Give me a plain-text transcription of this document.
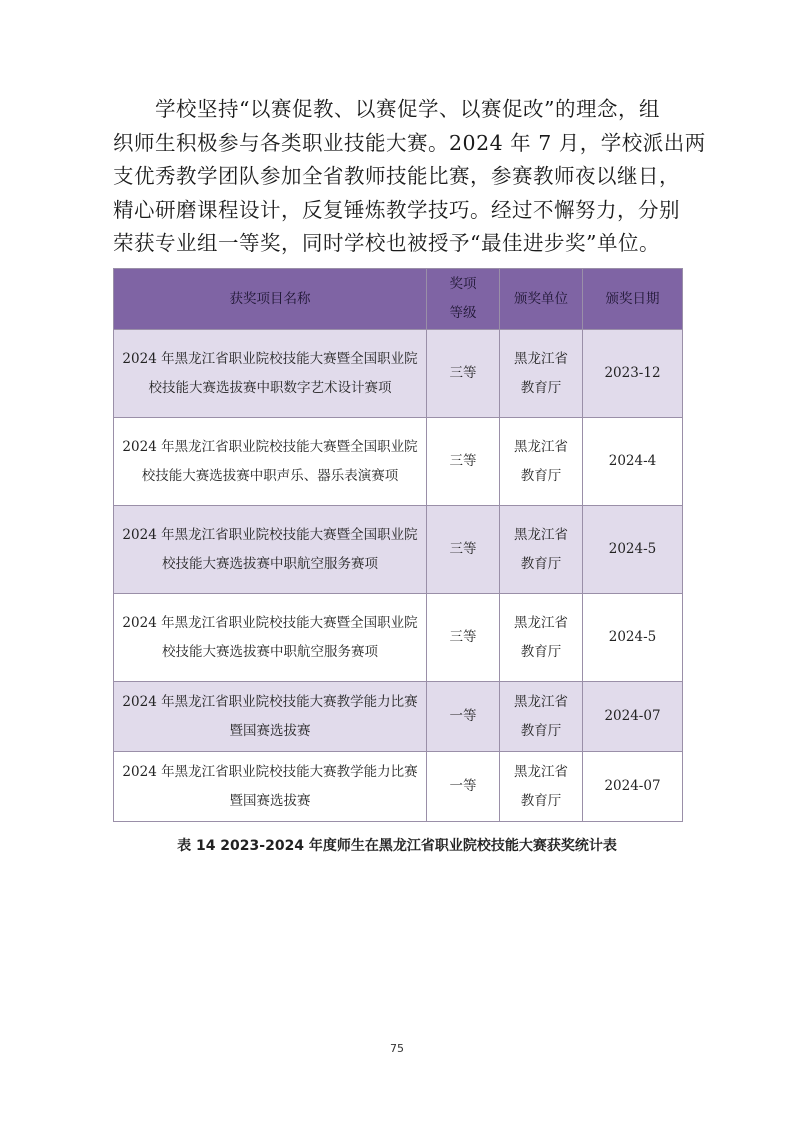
　　学校坚持“以赛促教、以赛促学、以赛促改”的理念，组
织师生积极参与各类职业技能大赛。2024 年 7 月，学校派出两
支优秀教学团队参加全省教师技能比赛，参赛教师夜以继日，
精心研磨课程设计，反复锤炼教学技巧。经过不懈努力，分别
荣获专业组一等奖，同时学校也被授予“最佳进步奖”单位。
获奖项目名称	奖项等级	颁奖单位	颁奖日期
2024 年黑龙江省职业院校技能大赛暨全国职业院校技能大赛选拔赛中职数字艺术设计赛项	三等	黑龙江省教育厅	2023-12
2024 年黑龙江省职业院校技能大赛暨全国职业院校技能大赛选拔赛中职声乐、器乐表演赛项	三等	黑龙江省教育厅	2024-4
2024 年黑龙江省职业院校技能大赛暨全国职业院校技能大赛选拔赛中职航空服务赛项	三等	黑龙江省教育厅	2024-5
2024 年黑龙江省职业院校技能大赛暨全国职业院校技能大赛选拔赛中职航空服务赛项	三等	黑龙江省教育厅	2024-5
2024 年黑龙江省职业院校技能大赛教学能力比赛暨国赛选拔赛	一等	黑龙江省教育厅	2024-07
2024 年黑龙江省职业院校技能大赛教学能力比赛暨国赛选拔赛	一等	黑龙江省教育厅	2024-07
表 14 2023-2024 年度师生在黑龙江省职业院校技能大赛获奖统计表
75
